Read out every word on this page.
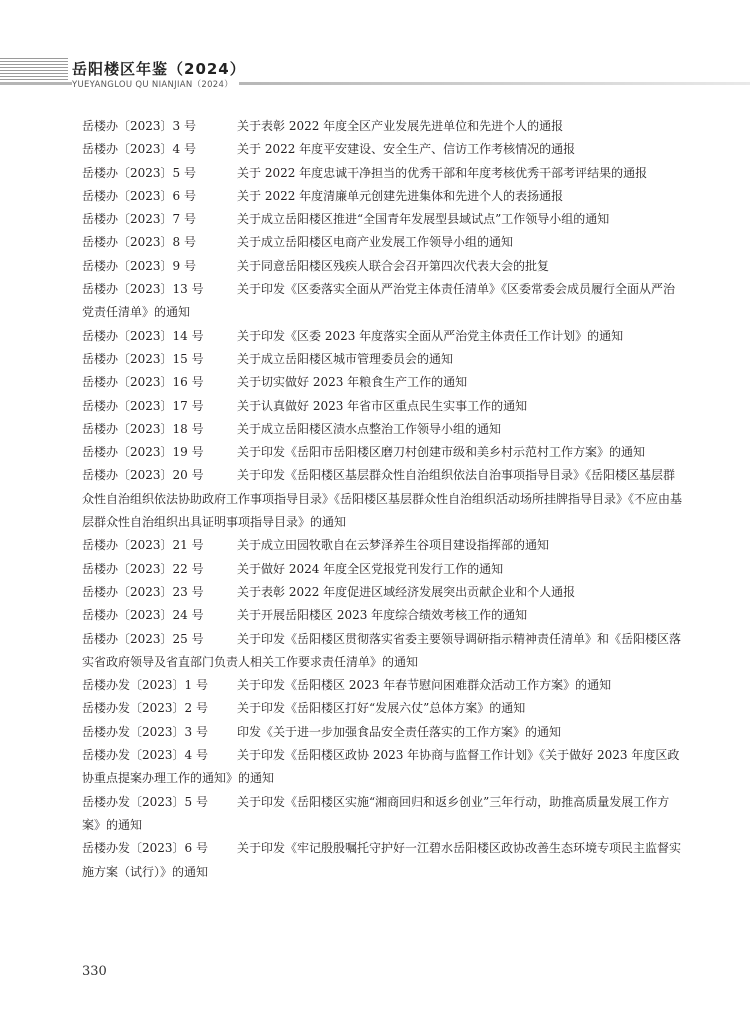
岳阳楼区年鉴（2024）
YUEYANGLOU QU NIANJIAN（2024）
岳楼办〔2023〕3 号	关于表彰 2022 年度全区产业发展先进单位和先进个人的通报
岳楼办〔2023〕4 号	关于 2022 年度平安建设、安全生产、信访工作考核情况的通报
岳楼办〔2023〕5 号	关于 2022 年度忠诚干净担当的优秀干部和年度考核优秀干部考评结果的通报
岳楼办〔2023〕6 号	关于 2022 年度清廉单元创建先进集体和先进个人的表扬通报
岳楼办〔2023〕7 号	关于成立岳阳楼区推进“全国青年发展型县域试点”工作领导小组的通知
岳楼办〔2023〕8 号	关于成立岳阳楼区电商产业发展工作领导小组的通知
岳楼办〔2023〕9 号	关于同意岳阳楼区残疾人联合会召开第四次代表大会的批复
岳楼办〔2023〕13 号	关于印发《区委落实全面从严治党主体责任清单》《区委常委会成员履行全面从严治党责任清单》的通知
岳楼办〔2023〕14 号	关于印发《区委 2023 年度落实全面从严治党主体责任工作计划》的通知
岳楼办〔2023〕15 号	关于成立岳阳楼区城市管理委员会的通知
岳楼办〔2023〕16 号	关于切实做好 2023 年粮食生产工作的通知
岳楼办〔2023〕17 号	关于认真做好 2023 年省市区重点民生实事工作的通知
岳楼办〔2023〕18 号	关于成立岳阳楼区渍水点整治工作领导小组的通知
岳楼办〔2023〕19 号	关于印发《岳阳市岳阳楼区磨刀村创建市级和美乡村示范村工作方案》的通知
岳楼办〔2023〕20 号	关于印发《岳阳楼区基层群众性自治组织依法自治事项指导目录》《岳阳楼区基层群众性自治组织依法协助政府工作事项指导目录》《岳阳楼区基层群众性自治组织活动场所挂牌指导目录》《不应由基层群众性自治组织出具证明事项指导目录》的通知
岳楼办〔2023〕21 号	关于成立田园牧歌自在云梦泽养生谷项目建设指挥部的通知
岳楼办〔2023〕22 号	关于做好 2024 年度全区党报党刊发行工作的通知
岳楼办〔2023〕23 号	关于表彰 2022 年度促进区域经济发展突出贡献企业和个人通报
岳楼办〔2023〕24 号	关于开展岳阳楼区 2023 年度综合绩效考核工作的通知
岳楼办〔2023〕25 号	关于印发《岳阳楼区贯彻落实省委主要领导调研指示精神责任清单》和《岳阳楼区落实省政府领导及省直部门负责人相关工作要求责任清单》的通知
岳楼办发〔2023〕1 号 关于印发《岳阳楼区 2023 年春节慰问困难群众活动工作方案》的通知
岳楼办发〔2023〕2 号 关于印发《岳阳楼区打好“发展六仗”总体方案》的通知
岳楼办发〔2023〕3 号 印发《关于进一步加强食品安全责任落实的工作方案》的通知
岳楼办发〔2023〕4 号 关于印发《岳阳楼区政协 2023 年协商与监督工作计划》《关于做好 2023 年度区政协重点提案办理工作的通知》的通知
岳楼办发〔2023〕5 号 关于印发《岳阳楼区实施“湘商回归和返乡创业”三年行动，助推高质量发展工作方案》的通知
岳楼办发〔2023〕6 号 关于印发《牢记殷殷嘱托守护好一江碧水岳阳楼区政协改善生态环境专项民主监督实施方案（试行）》的通知
330
